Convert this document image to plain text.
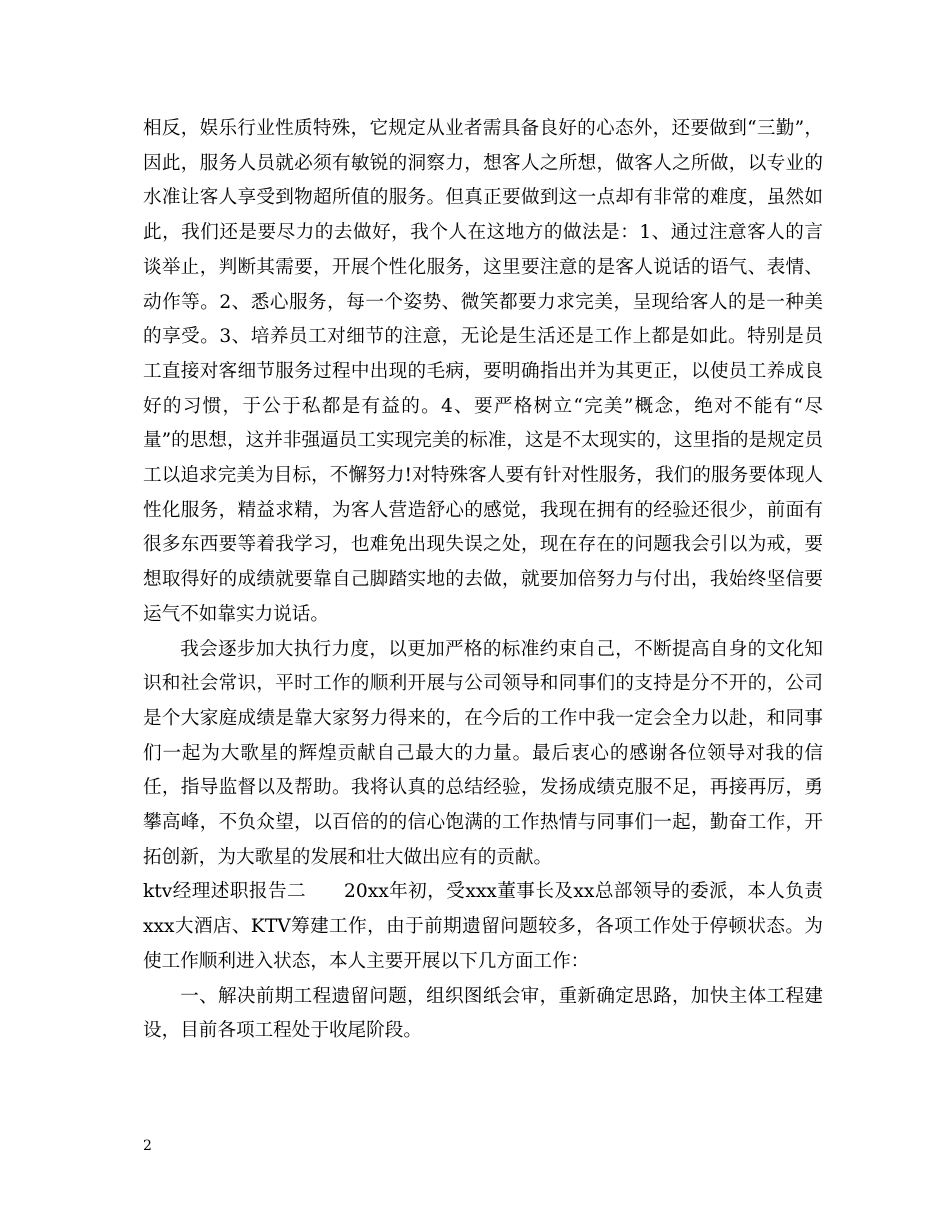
相反，娱乐行业性质特殊，它规定从业者需具备良好的心态外，还要做到“三勤”，因此，服务人员就必须有敏锐的洞察力，想客人之所想，做客人之所做，以专业的水准让客人享受到物超所值的服务。但真正要做到这一点却有非常的难度，虽然如此，我们还是要尽力的去做好，我个人在这地方的做法是：1、通过注意客人的言谈举止，判断其需要，开展个性化服务，这里要注意的是客人说话的语气、表情、动作等。2、悉心服务，每一个姿势、微笑都要力求完美，呈现给客人的是一种美的享受。3、培养员工对细节的注意，无论是生活还是工作上都是如此。特别是员工直接对客细节服务过程中出现的毛病，要明确指出并为其更正，以使员工养成良好的习惯，于公于私都是有益的。4、要严格树立“完美”概念，绝对不能有“尽量”的思想，这并非强逼员工实现完美的标准，这是不太现实的，这里指的是规定员工以追求完美为目标，不懈努力!对特殊客人要有针对性服务，我们的服务要体现人性化服务，精益求精，为客人营造舒心的感觉，我现在拥有的经验还很少，前面有很多东西要等着我学习，也难免出现失误之处，现在存在的问题我会引以为戒，要想取得好的成绩就要靠自己脚踏实地的去做，就要加倍努力与付出，我始终坚信要运气不如靠实力说话。

我会逐步加大执行力度，以更加严格的标准约束自己，不断提高自身的文化知识和社会常识，平时工作的顺利开展与公司领导和同事们的支持是分不开的，公司是个大家庭成绩是靠大家努力得来的，在今后的工作中我一定会全力以赴，和同事们一起为大歌星的辉煌贡献自己最大的力量。最后衷心的感谢各位领导对我的信任，指导监督以及帮助。我将认真的总结经验，发扬成绩克服不足，再接再厉，勇攀高峰，不负众望，以百倍的的信心饱满的工作热情与同事们一起，勤奋工作，开拓创新，为大歌星的发展和壮大做出应有的贡献。

ktv经理述职报告二 20xx年初，受xxx董事长及xx总部领导的委派，本人负责xxx大酒店、KTV筹建工作，由于前期遗留问题较多，各项工作处于停顿状态。为使工作顺利进入状态，本人主要开展以下几方面工作：

一、解决前期工程遗留问题，组织图纸会审，重新确定思路，加快主体工程建设，目前各项工程处于收尾阶段。

2
